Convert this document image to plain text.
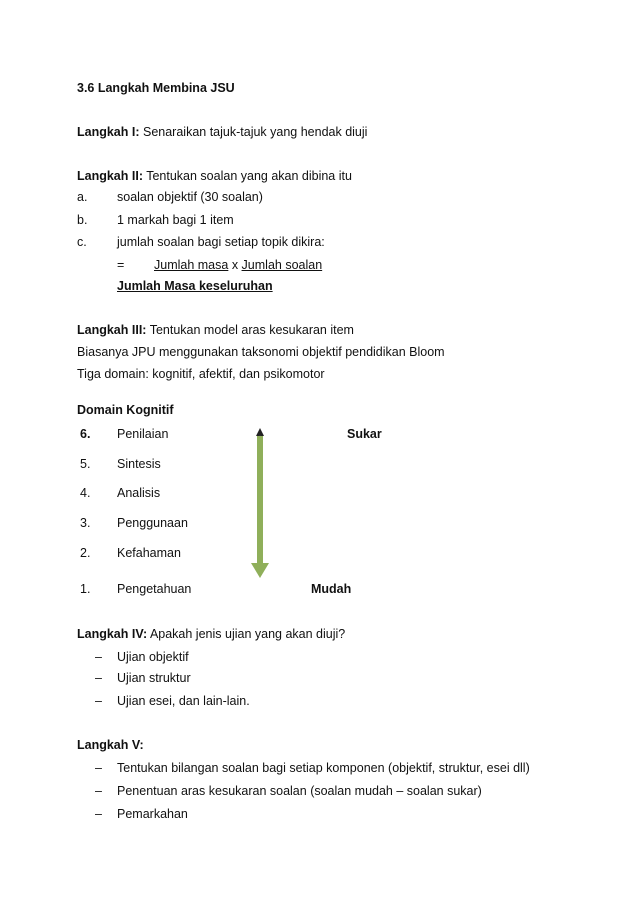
3.6 Langkah Membina JSU
Langkah I: Senaraikan tajuk-tajuk yang hendak diuji
Langkah II: Tentukan soalan yang akan dibina itu
a. soalan objektif (30 soalan)
b. 1 markah bagi 1 item
c. jumlah soalan bagi setiap topik dikira:
= Jumlah masa x Jumlah soalan
Jumlah Masa keseluruhan
Langkah III: Tentukan model aras kesukaran item
Biasanya JPU menggunakan taksonomi objektif pendidikan Bloom
Tiga domain: kognitif, afektif, dan psikomotor
Domain Kognitif
6. Penilaian	Sukar
5. Sintesis
4. Analisis
3. Penggunaan
2. Kefahaman
1. Pengetahuan	Mudah
Langkah IV: Apakah jenis ujian yang akan diuji?
– Ujian objektif
– Ujian struktur
– Ujian esei, dan lain-lain.
Langkah V:
– Tentukan bilangan soalan bagi setiap komponen (objektif, struktur, esei dll)
– Penentuan aras kesukaran soalan (soalan mudah – soalan sukar)
– Pemarkahan
